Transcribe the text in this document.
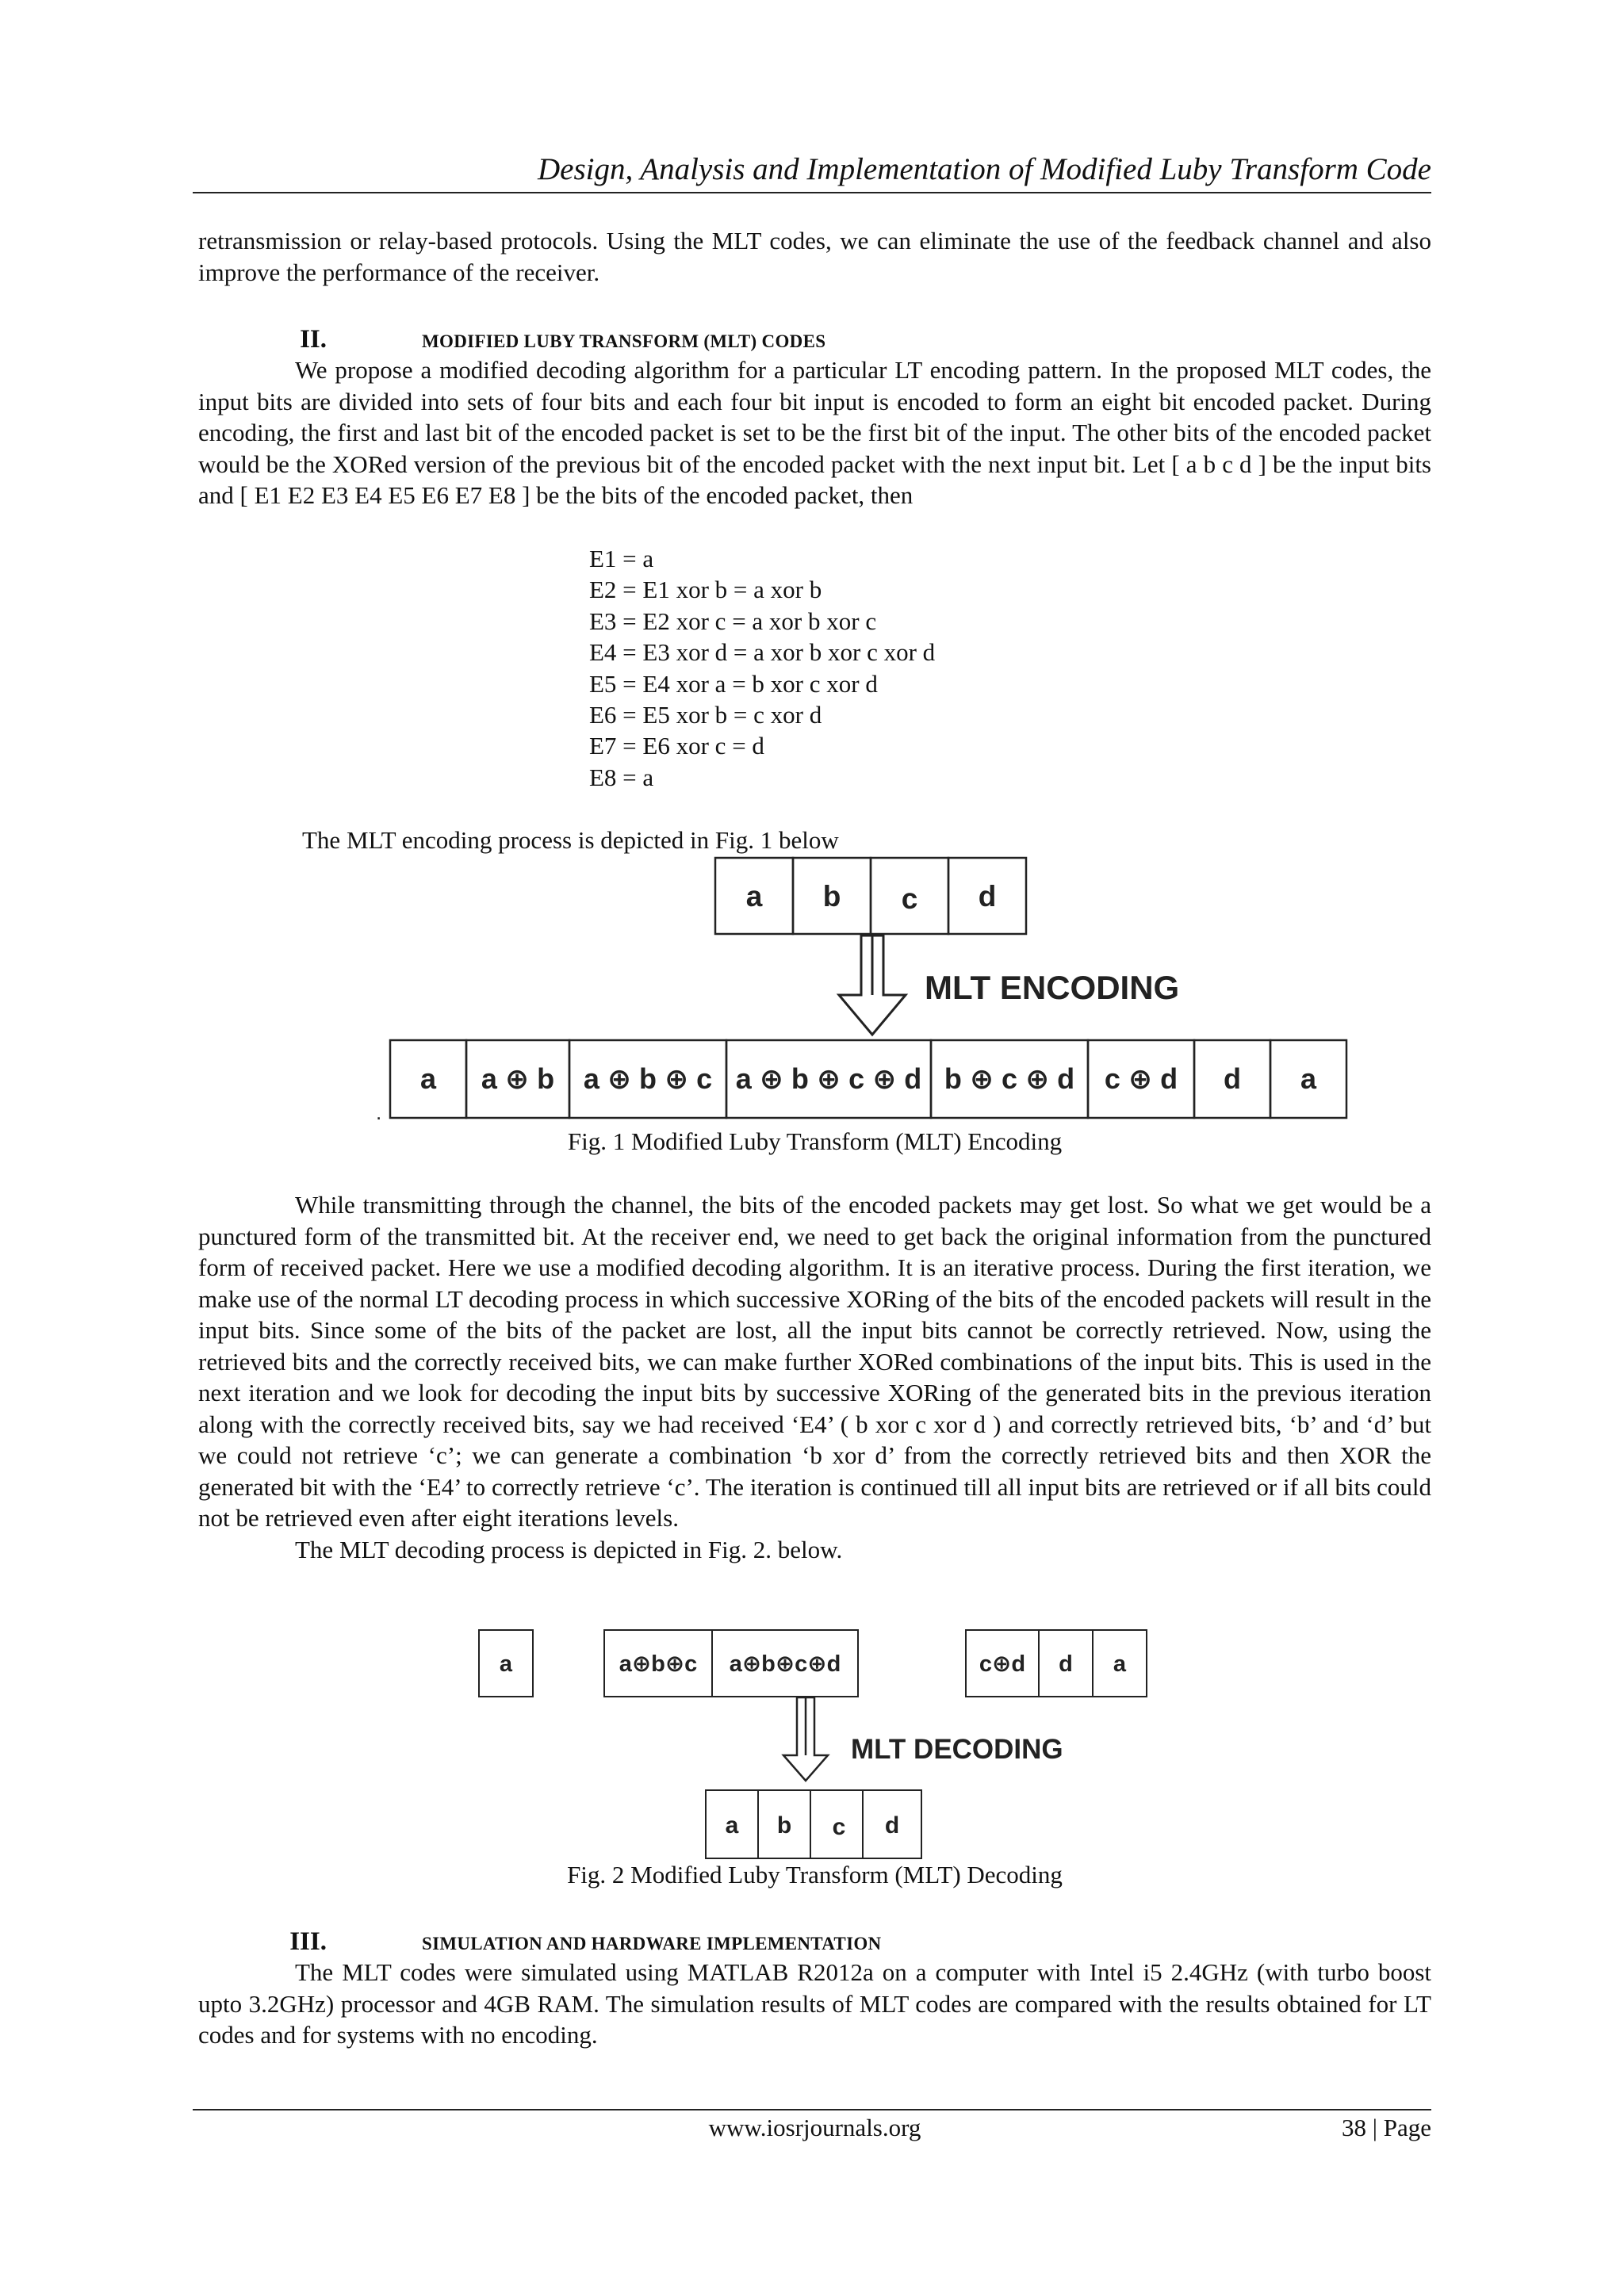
Design, Analysis and Implementation of Modified Luby Transform Code

retransmission or relay-based protocols. Using the MLT codes, we can eliminate the use of the feedback channel and also improve the performance of the receiver.

II.	MODIFIED LUBY TRANSFORM (MLT) CODES

We propose a modified decoding algorithm for a particular LT encoding pattern. In the proposed MLT codes, the input bits are divided into sets of four bits and each four bit input is encoded to form an eight bit encoded packet. During encoding, the first and last bit of the encoded packet is set to be the first bit of the input. The other bits of the encoded packet would be the XORed version of the previous bit of the encoded packet with the next input bit. Let [ a b c d ] be the input bits and [ E1 E2 E3 E4 E5 E6 E7 E8 ] be the bits of the encoded packet, then

E1 = a
E2 = E1 xor b = a xor b
E3 = E2 xor c = a xor b xor c
E4 = E3 xor d = a xor b xor c xor d
E5 = E4 xor a = b xor c xor d
E6 = E5 xor b = c xor d
E7 = E6 xor c = d
E8 = a
The MLT encoding process is depicted in Fig. 1 below
a b c d
MLT ENCODING
a a ⊕ b a ⊕ b ⊕ c a ⊕ b ⊕ c ⊕ d b ⊕ c ⊕ d c ⊕ d d a
.
a	a⊕b⊕c a⊕b⊕c⊕d	c⊕d d a
MLT DECODING
a b c d
Fig. 1 Modified Luby Transform (MLT) Encoding

While transmitting through the channel, the bits of the encoded packets may get lost. So what we get would be a punctured form of the transmitted bit. At the receiver end, we need to get back the original information from the punctured form of received packet. Here we use a modified decoding algorithm. It is an iterative process. During the first iteration, we make use of the normal LT decoding process in which successive XORing of the bits of the encoded packets will result in the input bits. Since some of the bits of the packet are lost, all the input bits cannot be correctly retrieved. Now, using the retrieved bits and the correctly received bits, we can make further XORed combinations of the input bits. This is used in the next iteration and we look for decoding the input bits by successive XORing of the generated bits in the previous iteration along with the correctly received bits, say we had received ‘E4’ ( b xor c xor d ) and correctly retrieved bits, ‘b’ and ‘d’ but we could not retrieve ‘c’; we can generate a combination ‘b xor d’ from the correctly retrieved bits and then XOR the generated bit with the ‘E4’ to correctly retrieve ‘c’. The iteration is continued till all input bits are retrieved or if all bits could not be retrieved even after eight iterations levels.

The MLT decoding process is depicted in Fig. 2. below.

Fig. 2 Modified Luby Transform (MLT) Decoding
III.	SIMULATION AND HARDWARE IMPLEMENTATION

The MLT codes were simulated using MATLAB R2012a on a computer with Intel i5 2.4GHz (with turbo boost upto 3.2GHz) processor and 4GB RAM. The simulation results of MLT codes are compared with the results obtained for LT codes and for systems with no encoding.

www.iosrjournals.org	38 | Page
